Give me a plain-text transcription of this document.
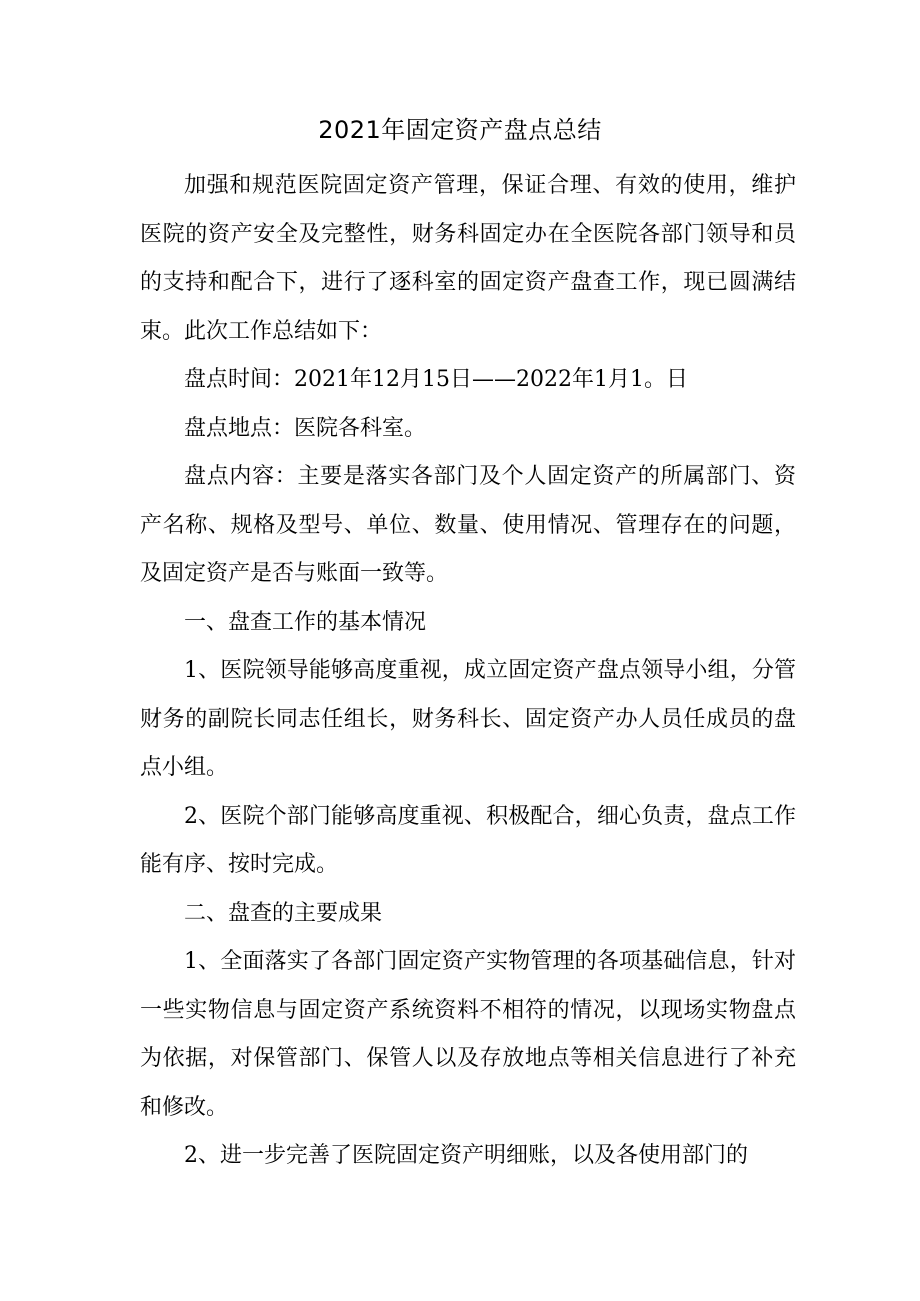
2021年固定资产盘点总结

加强和规范医院固定资产管理，保证合理、有效的使用，维护医院的资产安全及完整性，财务科固定办在全医院各部门领导和员的支持和配合下，进行了逐科室的固定资产盘查工作，现已圆满结束。此次工作总结如下：

盘点时间：2021年12月15日——2022年1月1。日

盘点地点：医院各科室。

盘点内容：主要是落实各部门及个人固定资产的所属部门、资产名称、规格及型号、单位、数量、使用情况、管理存在的问题，及固定资产是否与账面一致等。

一、盘查工作的基本情况

1、医院领导能够高度重视，成立固定资产盘点领导小组，分管财务的副院长同志任组长，财务科长、固定资产办人员任成员的盘点小组。

2、医院个部门能够高度重视、积极配合，细心负责，盘点工作能有序、按时完成。

二、盘查的主要成果

1、全面落实了各部门固定资产实物管理的各项基础信息，针对一些实物信息与固定资产系统资料不相符的情况，以现场实物盘点为依据，对保管部门、保管人以及存放地点等相关信息进行了补充和修改。

2、进一步完善了医院固定资产明细账，以及各使用部门的
